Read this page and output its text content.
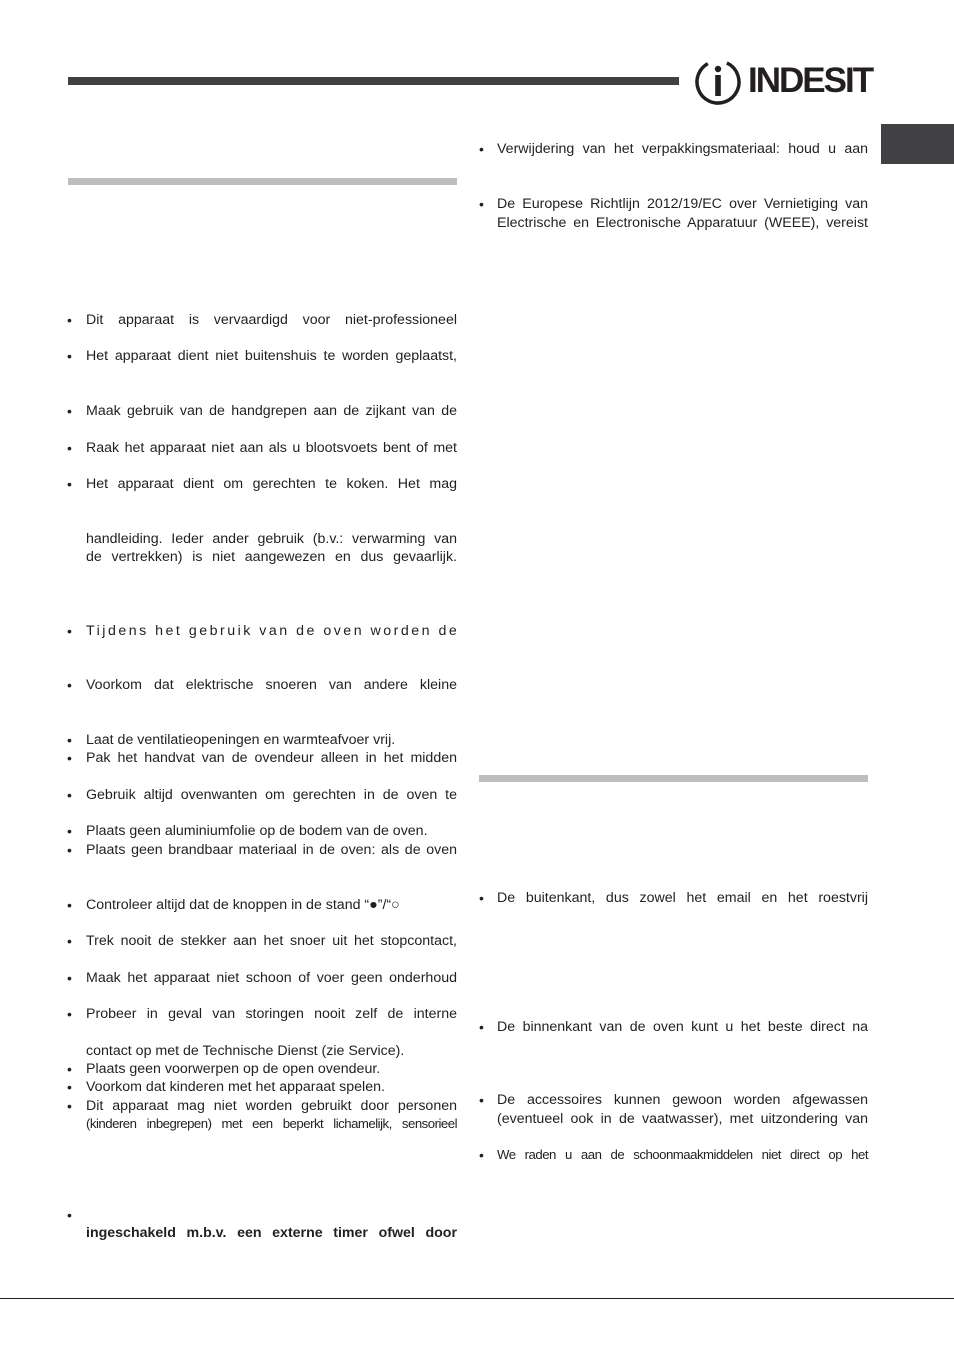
INDESIT
• Verwijdering van het verpakkingsmateriaal: houd u aan
• De Europese Richtlijn 2012/19/EC over Vernietiging van
Electrische en Electronische Apparatuur (WEEE), vereist
• De buitenkant, dus zowel het email en het roestvrij
• De binnenkant van de oven kunt u het beste direct na
• De accessoires kunnen gewoon worden afgewassen
(eventueel ook in de vaatwasser), met uitzondering van
• We raden u aan de schoonmaakmiddelen niet direct op het
• Dit apparaat is vervaardigd voor niet-professioneel
• Het apparaat dient niet buitenshuis te worden geplaatst,
• Maak gebruik van de handgrepen aan de zijkant van de
• Raak het apparaat niet aan als u blootsvoets bent of met
• Het apparaat dient om gerechten te koken. Het mag
handleiding. Ieder ander gebruik (b.v.: verwarming van
de vertrekken) is niet aangewezen en dus gevaarlijk.
• Tijdens het gebruik van de oven worden de
• Voorkom dat elektrische snoeren van andere kleine
• Laat de ventilatieopeningen en warmteafvoer vrij.
• Pak het handvat van de ovendeur alleen in het midden
• Gebruik altijd ovenwanten om gerechten in de oven te
• Plaats geen aluminiumfolie op de bodem van de oven.
• Plaats geen brandbaar materiaal in de oven: als de oven
• Controleer altijd dat de knoppen in de stand “●”/“○
• Trek nooit de stekker aan het snoer uit het stopcontact,
• Maak het apparaat niet schoon of voer geen onderhoud
• Probeer in geval van storingen nooit zelf de interne
contact op met de Technische Dienst (zie Service).
• Plaats geen voorwerpen op de open ovendeur.
• Voorkom dat kinderen met het apparaat spelen.
• Dit apparaat mag niet worden gebruikt door personen
(kinderen inbegrepen) met een beperkt lichamelijk, sensorieel
•
ingeschakeld m.b.v. een externe timer ofwel door
